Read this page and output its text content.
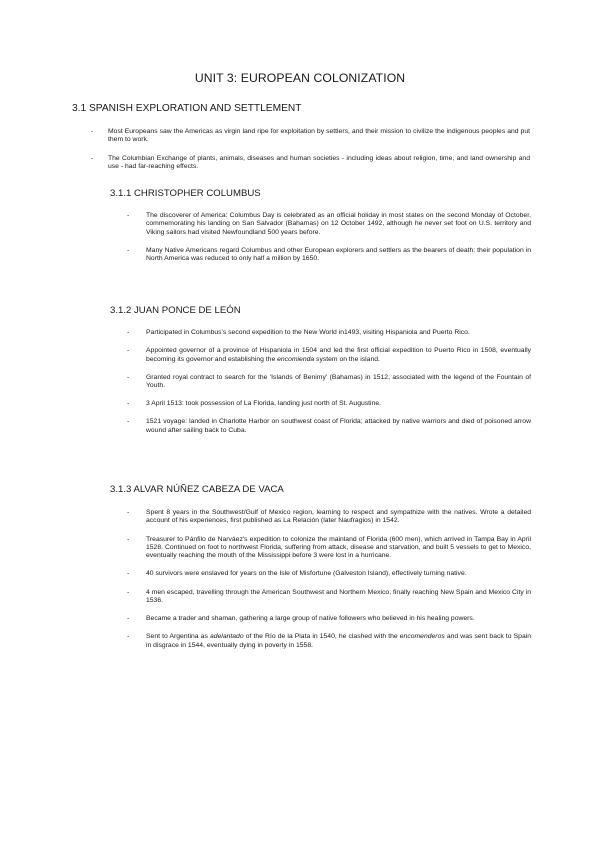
UNIT 3: EUROPEAN COLONIZATION
3.1 SPANISH EXPLORATION AND SETTLEMENT
- Most Europeans saw the Americas as virgin land ripe for exploitation by settlers, and their mission to civilize the indigenous peoples and put them to work.
- The Columbian Exchange of plants, animals, diseases and human societies - including ideas about religion, time, and land ownership and use - had far-reaching effects.
3.1.1 CHRISTOPHER COLUMBUS
- The discoverer of America: Columbus Day is celebrated as an official holiday in most states on the second Monday of October, commemorating his landing on San Salvador (Bahamas) on 12 October 1492, although he never set foot on U.S. territory and Viking sailors had visited Newfoundland 500 years before.
- Many Native Americans regard Columbus and other European explorers and settlers as the bearers of death: their population in North America was reduced to only half a million by 1650.
3.1.2 JUAN PONCE DE LEÓN
- Participated in Columbus's second expedition to the New World in1493, visiting Hispaniola and Puerto Rico.
- Appointed governor of a province of Hispaniola in 1504 and led the first official expedition to Puerto Rico in 1508, eventually becoming its governor and establishing the encomienda system on the island.
- Granted royal contract to search for the 'Islands of Benimy' (Bahamas) in 1512, associated with the legend of the Fountain of Youth.
- 3 April 1513: took possession of La Florida, landing just north of St. Augustine.
- 1521 voyage: landed in Charlotte Harbor on southwest coast of Florida; attacked by native warriors and died of poisoned arrow wound after sailing back to Cuba.
3.1.3 ALVAR NÚÑEZ CABEZA DE VACA
- Spent 8 years in the Southwest/Gulf of Mexico region, learning to respect and sympathize with the natives. Wrote a detailed account of his experiences, first published as La Relación (later Naufragios) in 1542.
- Treasurer to Pánfilo de Narváez's expedition to colonize the mainland of Florida (600 men), which arrived in Tampa Bay in April 1528. Continued on foot to northwest Florida, suffering from attack, disease and starvation, and built 5 vessels to get to Mexico, eventually reaching the mouth of the Mississippi before 3 were lost in a hurricane.
- 40 survivors were enslaved for years on the Isle of Misfortune (Galveston Island), effectively turning native.
- 4 men escaped, travelling through the American Southwest and Northern Mexico, finally reaching New Spain and Mexico City in 1536.
- Became a trader and shaman, gathering a large group of native followers who believed in his healing powers.
- Sent to Argentina as adelantado of the Río de la Plata in 1540, he clashed with the encomenderos and was sent back to Spain in disgrace in 1544, eventually dying in poverty in 1558.
